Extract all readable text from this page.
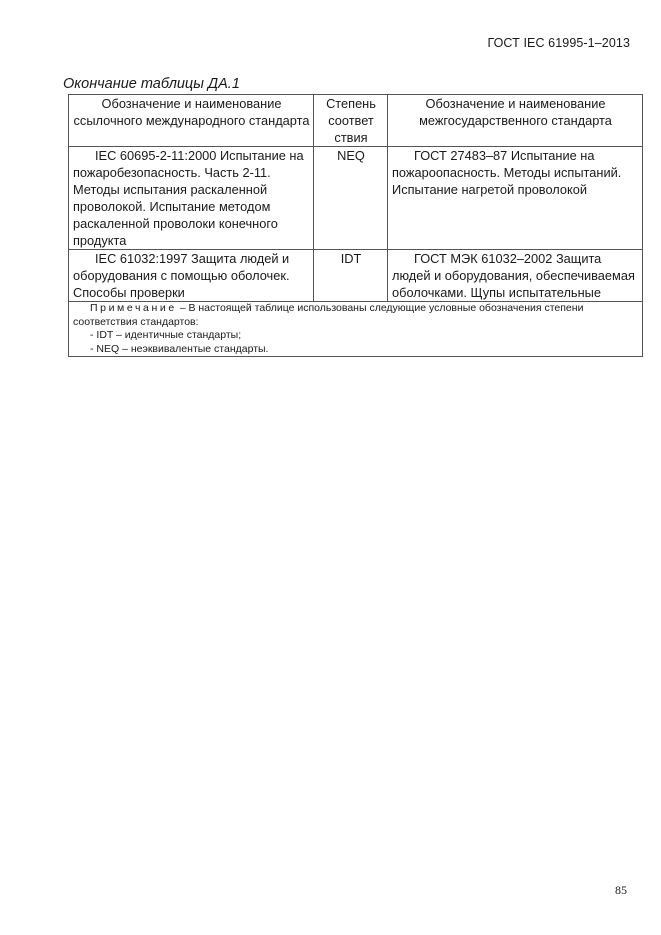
ГОСТ IEC 61995-1–2013
Окончание таблицы ДА.1
Обозначение и наименование ссылочного международного стандарта	Степень соответ ствия	Обозначение и наименование межгосударственного стандарта

IEC 60695-2-11:2000 Испытание на пожаробезопасность. Часть 2-11. Методы испытания раскаленной проволокой. Испытание методом раскаленной проволоки конечного продукта	NEQ	ГОСТ 27483–87 Испытание на пожароопасность. Методы испытаний. Испытание нагретой проволокой

IEC 61032:1997 Защита людей и оборудования с помощью оболочек. Способы проверки	IDT	ГОСТ МЭК 61032–2002 Защита людей и оборудования, обеспечиваемая оболочками. Щупы испытательные

Примечание – В настоящей таблице использованы следующие условные обозначения степени соответствия стандартов:
- IDT – идентичные стандарты;
- NEQ – неэквивалентые стандарты.		
85
